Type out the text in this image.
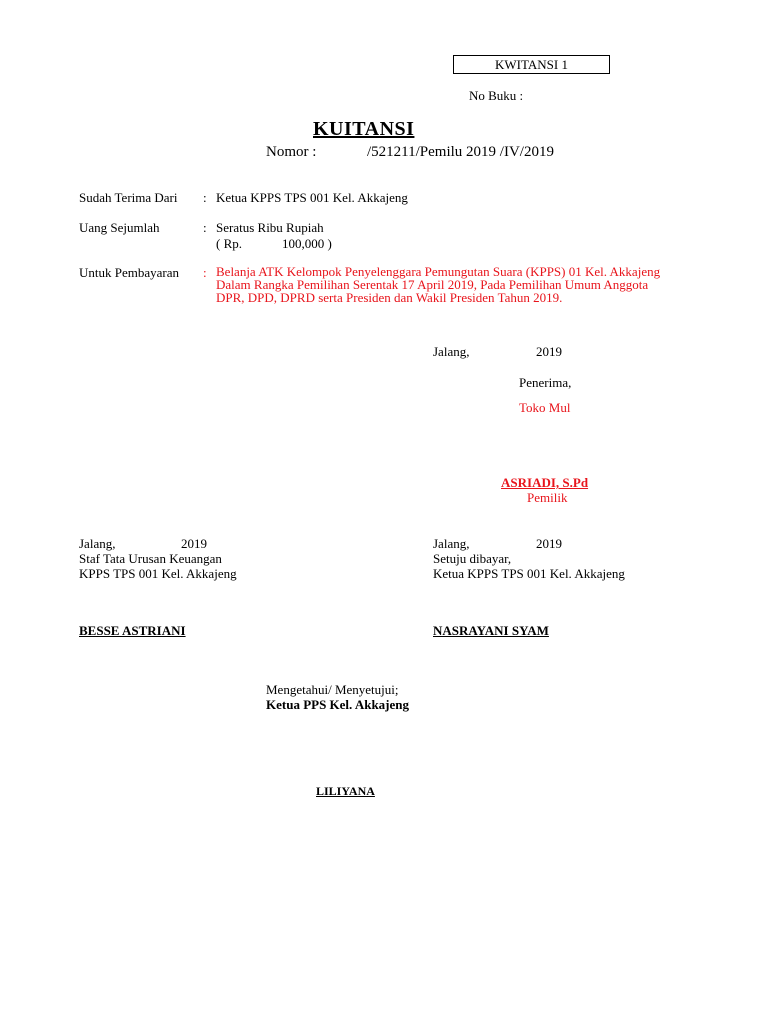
KWITANSI 1
No Buku :
KUITANSI
Nomor :	/521211/Pemilu 2019 /IV/2019
Sudah Terima Dari : Ketua KPPS TPS 001 Kel. Akkajeng
Uang Sejumlah	: Seratus Ribu Rupiah
( Rp.	100,000 )
Untuk Pembayaran : Belanja ATK Kelompok Penyelenggara Pemungutan Suara (KPPS) 01 Kel. Akkajeng Dalam Rangka Pemilihan Serentak 17 April 2019, Pada Pemilihan Umum Anggota DPR, DPD, DPRD serta Presiden dan Wakil Presiden Tahun 2019.
Jalang,	2019
Penerima,
Toko Mul
ASRIADI, S.Pd
Pemilik
Jalang,	2019
Staf Tata Urusan Keuangan
KPPS TPS 001 Kel. Akkajeng
BESSE ASTRIANI
Jalang,	2019
Setuju dibayar,
Ketua KPPS TPS 001 Kel. Akkajeng
NASRAYANI SYAM
Mengetahui/ Menyetujui;
Ketua PPS Kel. Akkajeng
LILIYANA
